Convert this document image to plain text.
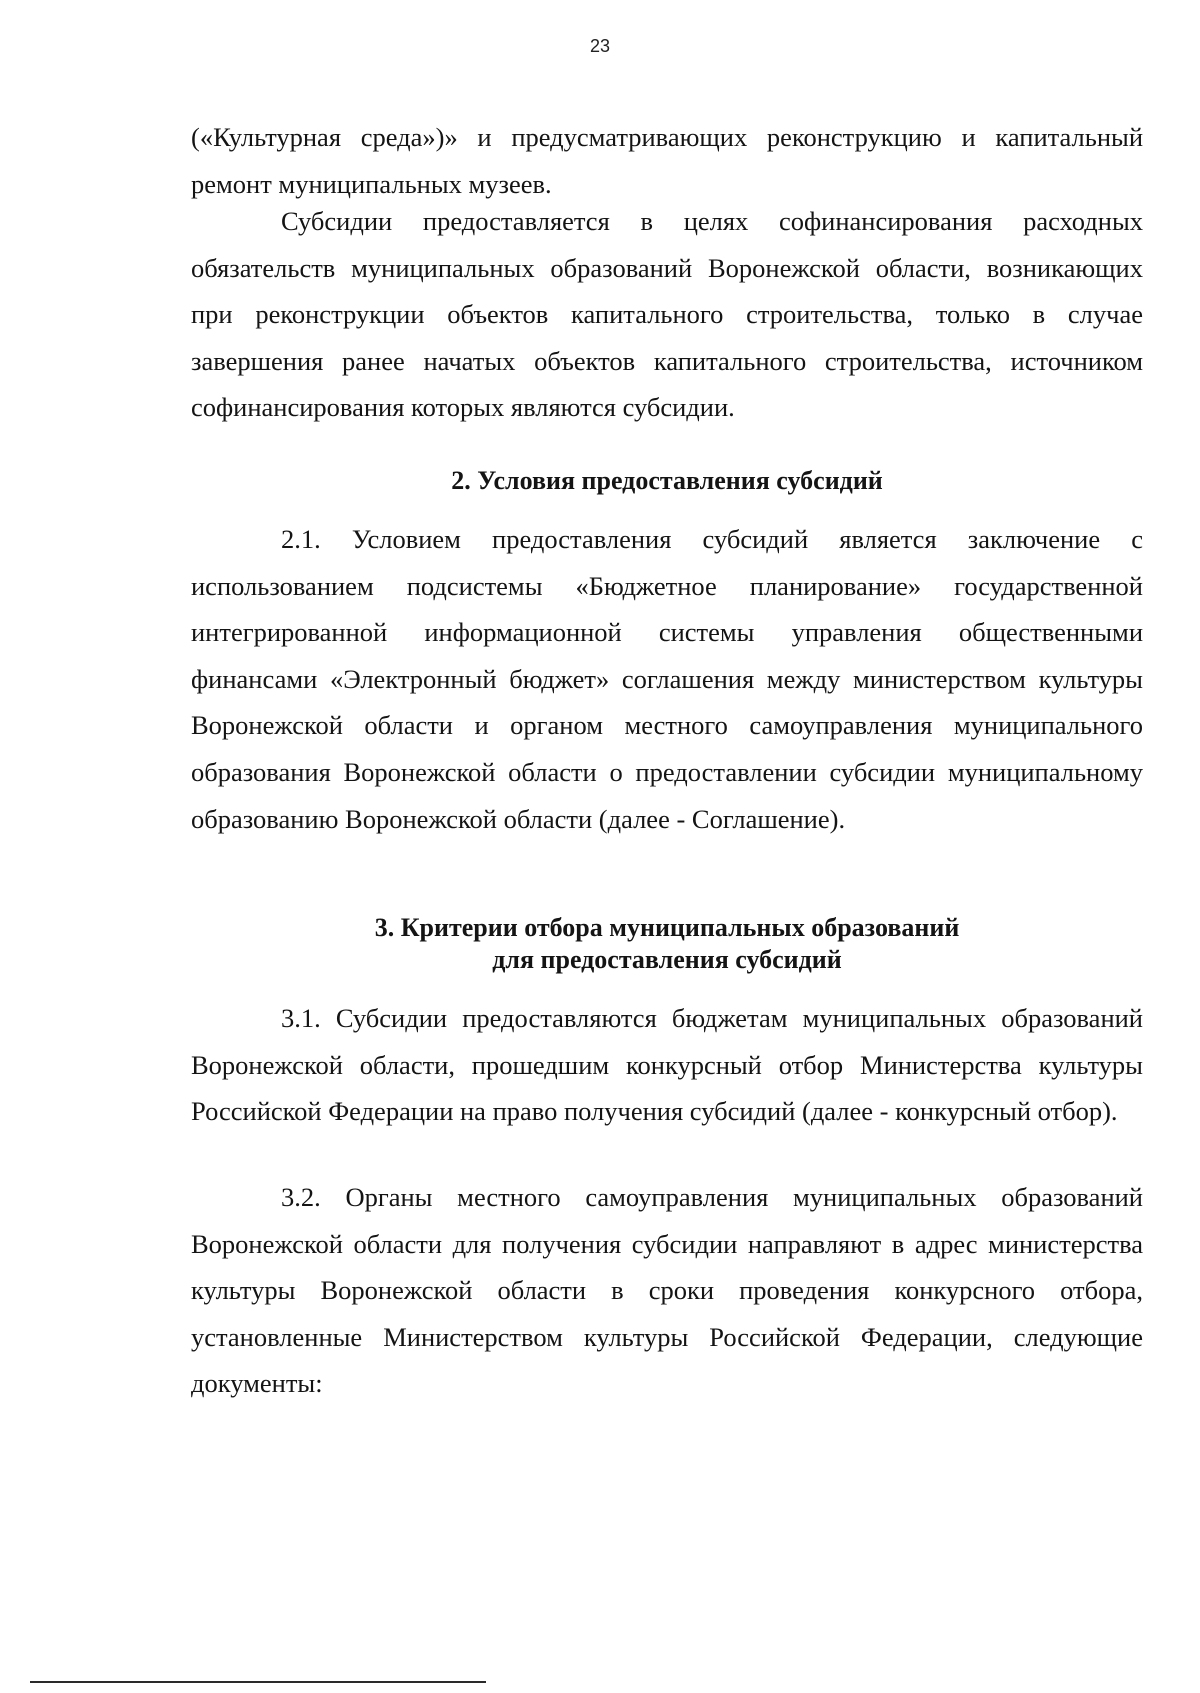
23

(«Культурная среда»)» и предусматривающих реконструкцию и капитальный ремонт муниципальных музеев.

Субсидии предоставляется в целях софинансирования расходных обязательств муниципальных образований Воронежской области, возникающих при реконструкции объектов капитального строительства, только в случае завершения ранее начатых объектов капитального строительства, источником софинансирования которых являются субсидии.

2. Условия предоставления субсидий

2.1. Условием предоставления субсидий является заключение с использованием подсистемы «Бюджетное планирование» государственной интегрированной информационной системы управления общественными финансами «Электронный бюджет» соглашения между министерством культуры Воронежской области и органом местного самоуправления муниципального образования Воронежской области о предоставлении субсидии муниципальному образованию Воронежской области (далее - Соглашение).

3. Критерии отбора муниципальных образований
для предоставления субсидий

3.1. Субсидии предоставляются бюджетам муниципальных образований Воронежской области, прошедшим конкурсный отбор Министерства культуры Российской Федерации на право получения субсидий (далее - конкурсный отбор).

3.2. Органы местного самоуправления муниципальных образований Воронежской области для получения субсидии направляют в адрес министерства культуры Воронежской области в сроки проведения конкурсного отбора, установленные Министерством культуры Российской Федерации, следующие документы:
